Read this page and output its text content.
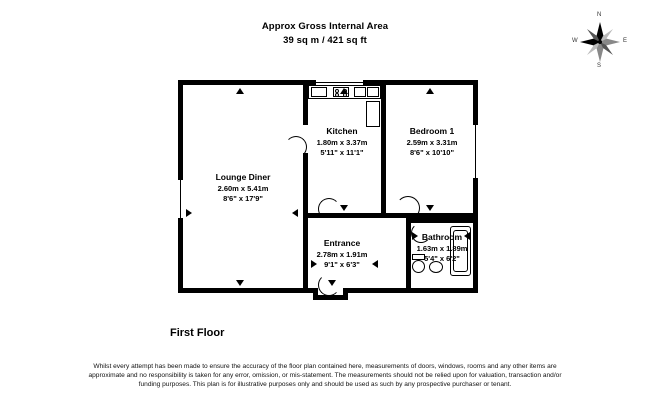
Approx Gross Internal Area
39 sq m / 421 sq ft
N
E
S
W
Lounge Diner
2.60m x 5.41m
8'6" x 17'9"
Kitchen
1.80m x 3.37m
5'11" x 11'1"
Bedroom 1
2.59m x 3.31m
8'6" x 10'10"
Entrance
2.78m x 1.91m
9'1" x 6'3"
Bathroom
1.63m x 1.89m
5'4" x 6'2"
First Floor
Whilst every attempt has been made to ensure the accuracy of the floor plan contained here, measurements of doors, windows, rooms and any other items are approximate and no responsibility is taken for any error, omission, or mis-statement. The measurements should not be relied upon for valuation, transaction and/or funding purposes. This plan is for illustrative purposes only and should be used as such by any prospective purchaser or tenant.
